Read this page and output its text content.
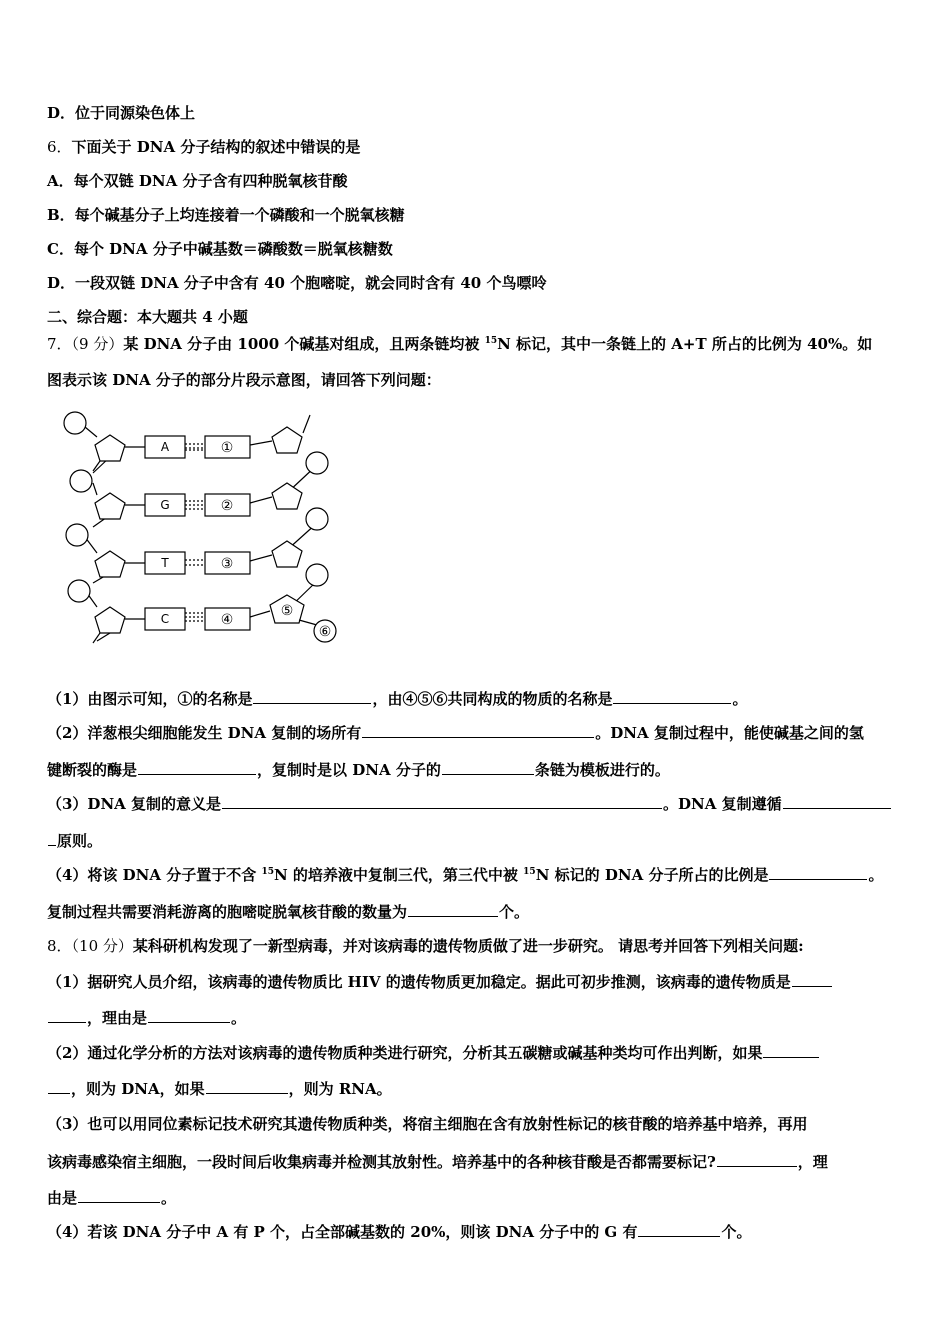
D．位于同源染色体上
6．下面关于 DNA 分子结构的叙述中错误的是
A．每个双链 DNA 分子含有四种脱氧核苷酸
B．每个碱基分子上均连接着一个磷酸和一个脱氧核糖
C．每个 DNA 分子中碱基数＝磷酸数＝脱氧核糖数
D．一段双链 DNA 分子中含有 40 个胞嘧啶，就会同时含有 40 个鸟嘌呤
二、综合题：本大题共 4 小题
7．（9 分）某 DNA 分子由 1000 个碱基对组成，且两条链均被 $^{15}$N 标记，其中一条链上的 A+T 所占的比例为 40%。如
图表示该 DNA 分子的部分片段示意图，请回答下列问题：
A
G
T
C
①
②
③
④
⑤
⑥
（1）由图示可知，①的名称是	，由④⑤⑥共同构成的物质的名称是	。
（2）洋葱根尖细胞能发生 DNA 复制的场所有	。DNA 复制过程中，能使碱基之间的氢
键断裂的酶是	，复制时是以 DNA 分子的	条链为模板进行的。
（3）DNA 复制的意义是	。DNA 复制遵循
原则。
（4）将该 DNA 分子置于不含 $^{15}$N 的培养液中复制三代，第三代中被 $^{15}$N 标记的 DNA 分子所占的比例是	。
复制过程共需要消耗游离的胞嘧啶脱氧核苷酸的数量为	个。
8．（10 分）某科研机构发现了一新型病毒，并对该病毒的遗传物质做了进一步研究。 请思考并回答下列相关问题:
（1）据研究人员介绍，该病毒的遗传物质比 HIV 的遗传物质更加稳定。据此可初步推测，该病毒的遗传物质是
，理由是	。
（2）通过化学分析的方法对该病毒的遗传物质种类进行研究，分析其五碳糖或碱基种类均可作出判断，如果
，则为 DNA，如果	，则为 RNA。
（3）也可以用同位素标记技术研究其遗传物质种类，将宿主细胞在含有放射性标记的核苷酸的培养基中培养，再用
该病毒感染宿主细胞，一段时间后收集病毒并检测其放射性。培养基中的各种核苷酸是否都需要标记?	，理
由是	。
（4）若该 DNA 分子中 A 有 P 个，占全部碱基数的 20%，则该 DNA 分子中的 G 有	个。
